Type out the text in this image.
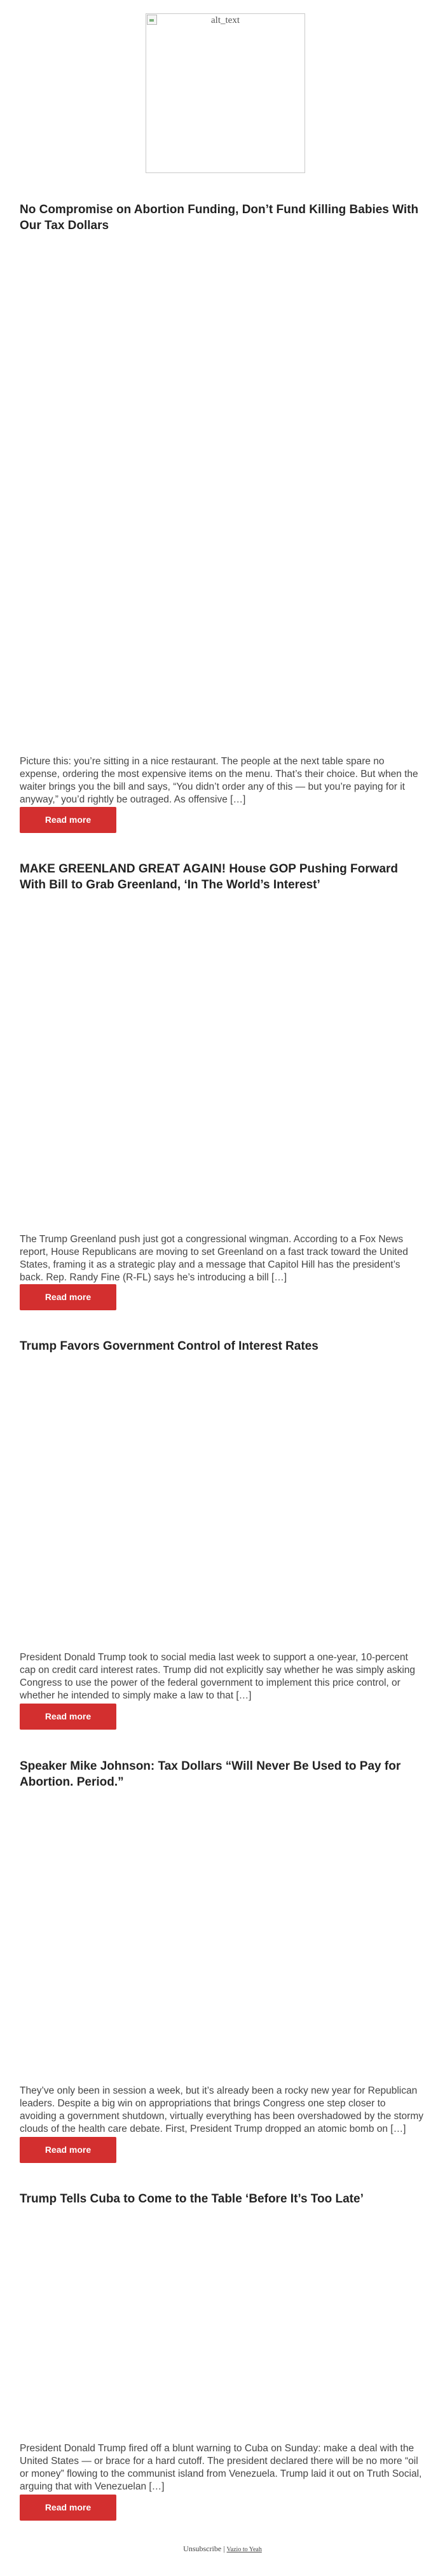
alt_text
No Compromise on Abortion Funding, Don’t Fund Killing Babies With Our Tax Dollars

Picture this: you’re sitting in a nice restaurant. The people at the next table spare no expense, ordering the most expensive items on the menu. That’s their choice. But when the waiter brings you the bill and says, “You didn’t order any of this — but you’re paying for it anyway,” you’d rightly be outraged. As offensive […]

Read more
MAKE GREENLAND GREAT AGAIN! House GOP Pushing Forward With Bill to Grab Greenland, ‘In The World’s Interest’

The Trump Greenland push just got a congressional wingman. According to a Fox News report, House Republicans are moving to set Greenland on a fast track toward the United States, framing it as a strategic play and a message that Capitol Hill has the president’s back. Rep. Randy Fine (R-FL) says he’s introducing a bill […]

Read more
Trump Favors Government Control of Interest Rates

President Donald Trump took to social media last week to support a one-year, 10-percent cap on credit card interest rates. Trump did not explicitly say whether he was simply asking Congress to use the power of the federal government to implement this price control, or whether he intended to simply make a law to that […]

Read more
Speaker Mike Johnson: Tax Dollars “Will Never Be Used to Pay for Abortion. Period.”

They’ve only been in session a week, but it’s already been a rocky new year for Republican leaders. Despite a big win on appropriations that brings Congress one step closer to avoiding a government shutdown, virtually everything has been overshadowed by the stormy clouds of the health care debate. First, President Trump dropped an atomic bomb on […]

Read more
Trump Tells Cuba to Come to the Table ‘Before It’s Too Late’

President Donald Trump fired off a blunt warning to Cuba on Sunday: make a deal with the United States — or brace for a hard cutoff. The president declared there will be no more “oil or money” flowing to the communist island from Venezuela. Trump laid it out on Truth Social, arguing that with Venezuelan […]

Read more
Unsubscribe | Vazio to Yeah
